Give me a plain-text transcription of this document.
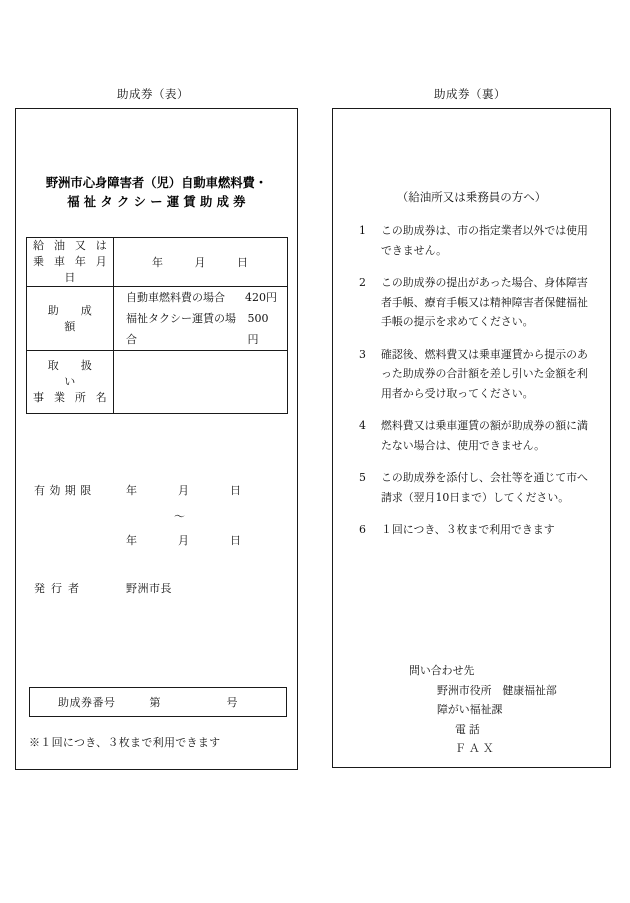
助成券（表）
野洲市心身障害者（児）自動車燃料費・
福祉タクシー運賃助成券
給 油 又 は
乗 車 年 月 日	年 月 日

助　成　額	自動車燃料費の場合 420円
福祉タクシー運賃の場合
500円

取　扱　い
事 業 所 名	

有効期限	年	月	日
〜
年	月	日
発行者	野洲市長
助成券番号	第	号
※１回につき、３枚まで利用できます
助成券（裏）
（給油所又は乗務員の方へ）
1	この助成券は、市の指定業者以外では使用できません。
2	この助成券の提出があった場合、身体障害者手帳、療育手帳又は精神障害者保健福祉手帳の提示を求めてください。
3	確認後、燃料費又は乗車運賃から提示のあった助成券の合計額を差し引いた金額を利用者から受け取ってください。
4	燃料費又は乗車運賃の額が助成券の額に満たない場合は、使用できません。
5	この助成券を添付し、会社等を通じて市へ請求（翌月10日まで）してください。
6	１回につき、３枚まで利用できます
問い合わせ先
野洲市役所　健康福祉部
障がい福祉課
電話
ＦＡＸ
